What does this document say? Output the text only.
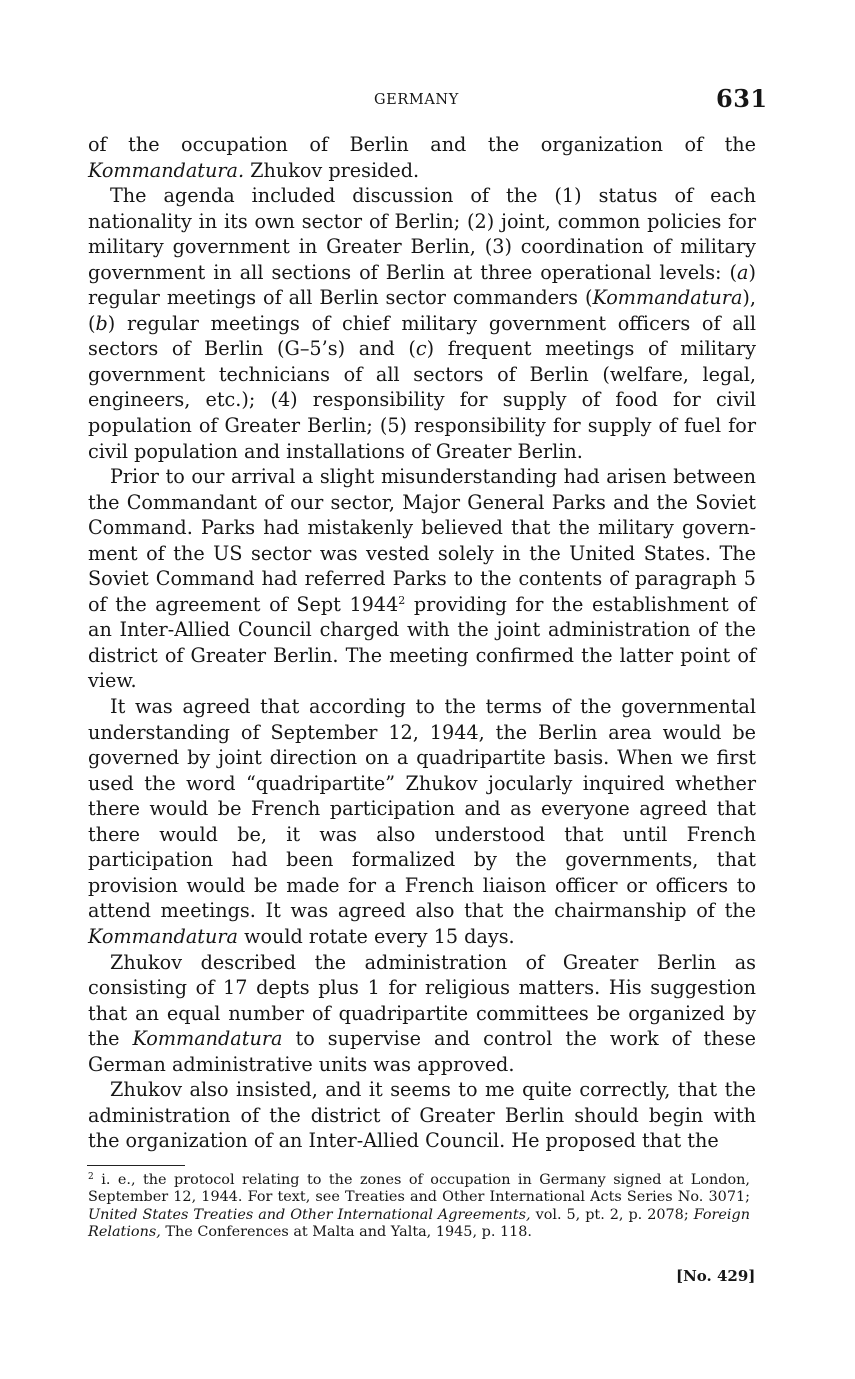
GERMANY	631

of the occupation of Berlin and the organization of the Kommandatura. Zhukov presided.

The agenda included discussion of the (1) status of each nationality in its own sector of Berlin; (2) joint, common policies for military government in Greater Berlin, (3) coordination of military government in all sections of Berlin at three operational levels: (a) regular meetings of all Berlin sector commanders (Kommandatura), (b) regular meetings of chief military government officers of all sectors of Berlin (G–5’s) and (c) frequent meetings of military government technicians of all sectors of Berlin (welfare, legal, engineers, etc.); (4) responsibility for supply of food for civil population of Greater Berlin; (5) responsibility for supply of fuel for civil population and installations of Greater Berlin.

Prior to our arrival a slight misunderstanding had arisen between the Commandant of our sector, Major General Parks and the Soviet Command. Parks had mistakenly believed that the military government of the US sector was vested solely in the United States. The Soviet Command had referred Parks to the contents of paragraph 5 of the agreement of Sept 1944$^2$ providing for the establishment of an Inter-Allied Council charged with the joint administration of the district of Greater Berlin. The meeting confirmed the latter point of view.

It was agreed that according to the terms of the governmental understanding of September 12, 1944, the Berlin area would be governed by joint direction on a quadripartite basis. When we first used the word “quadripartite” Zhukov jocularly inquired whether there would be French participation and as everyone agreed that there would be, it was also understood that until French participation had been formalized by the governments, that provision would be made for a French liaison officer or officers to attend meetings. It was agreed also that the chairmanship of the Kommandatura would rotate every 15 days.

Zhukov described the administration of Greater Berlin as consisting of 17 depts plus 1 for religious matters. His suggestion that an equal number of quadripartite committees be organized by the Kommandatura to supervise and control the work of these German administrative units was approved.

Zhukov also insisted, and it seems to me quite correctly, that the administration of the district of Greater Berlin should begin with the organization of an Inter-Allied Council. He proposed that the

$^2$ i. e., the protocol relating to the zones of occupation in Germany signed at London, September 12, 1944. For text, see Treaties and Other International Acts Series No. 3071; United States Treaties and Other International Agreements, vol. 5, pt. 2, p. 2078; Foreign Relations, The Conferences at Malta and Yalta, 1945, p. 118.
[No. 429]
